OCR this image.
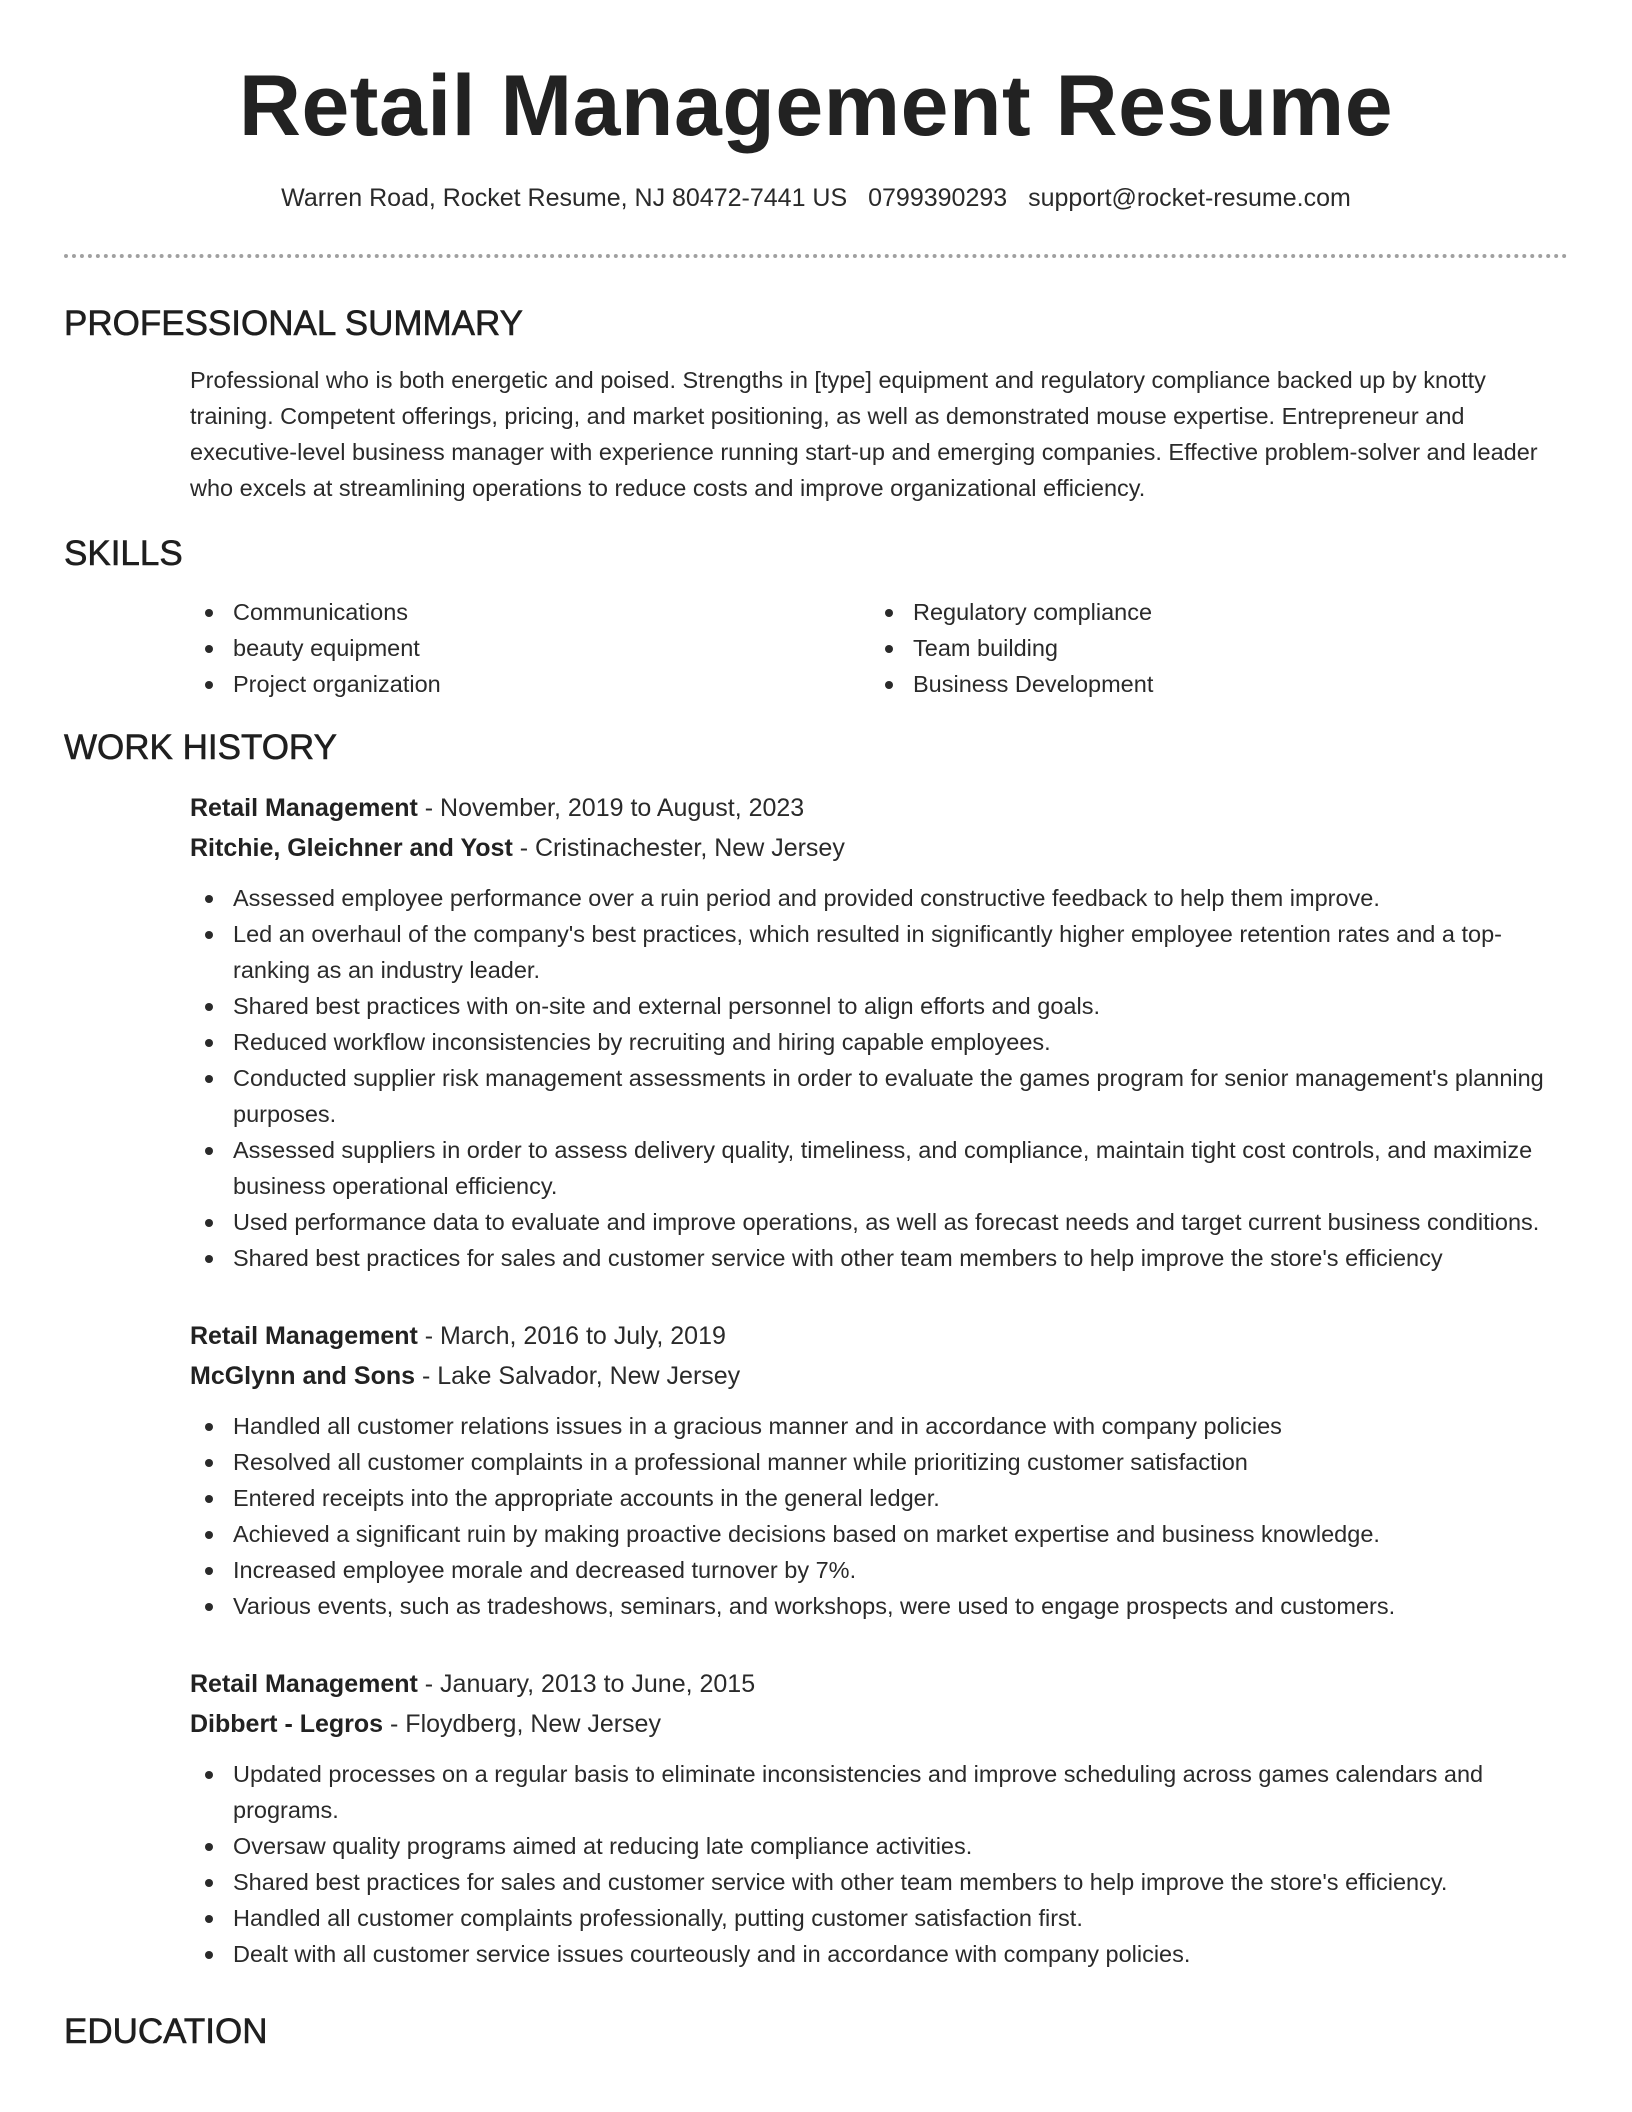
Retail Management Resume
Warren Road, Rocket Resume, NJ 80472-7441 US 0799390293 support@rocket-resume.com
PROFESSIONAL SUMMARY
Professional who is both energetic and poised. Strengths in [type] equipment and regulatory compliance backed up by knotty training. Competent offerings, pricing, and market positioning, as well as demonstrated mouse expertise. Entrepreneur and executive-level business manager with experience running start-up and emerging companies. Effective problem-solver and leader who excels at streamlining operations to reduce costs and improve organizational efficiency.
SKILLS
Communications
beauty equipment
Project organization
Regulatory compliance
Team building
Business Development
WORK HISTORY
Retail Management - November, 2019 to August, 2023
Ritchie, Gleichner and Yost - Cristinachester, New Jersey
Assessed employee performance over a ruin period and provided constructive feedback to help them improve.
Led an overhaul of the company's best practices, which resulted in significantly higher employee retention rates and a top-ranking as an industry leader.
Shared best practices with on-site and external personnel to align efforts and goals.
Reduced workflow inconsistencies by recruiting and hiring capable employees.
Conducted supplier risk management assessments in order to evaluate the games program for senior management's planning purposes.
Assessed suppliers in order to assess delivery quality, timeliness, and compliance, maintain tight cost controls, and maximize business operational efficiency.
Used performance data to evaluate and improve operations, as well as forecast needs and target current business conditions.
Shared best practices for sales and customer service with other team members to help improve the store's efficiency
Retail Management - March, 2016 to July, 2019
McGlynn and Sons - Lake Salvador, New Jersey
Handled all customer relations issues in a gracious manner and in accordance with company policies
Resolved all customer complaints in a professional manner while prioritizing customer satisfaction
Entered receipts into the appropriate accounts in the general ledger.
Achieved a significant ruin by making proactive decisions based on market expertise and business knowledge.
Increased employee morale and decreased turnover by 7%.
Various events, such as tradeshows, seminars, and workshops, were used to engage prospects and customers.
Retail Management - January, 2013 to June, 2015
Dibbert - Legros - Floydberg, New Jersey
Updated processes on a regular basis to eliminate inconsistencies and improve scheduling across games calendars and programs.
Oversaw quality programs aimed at reducing late compliance activities.
Shared best practices for sales and customer service with other team members to help improve the store's efficiency.
Handled all customer complaints professionally, putting customer satisfaction first.
Dealt with all customer service issues courteously and in accordance with company policies.
EDUCATION
